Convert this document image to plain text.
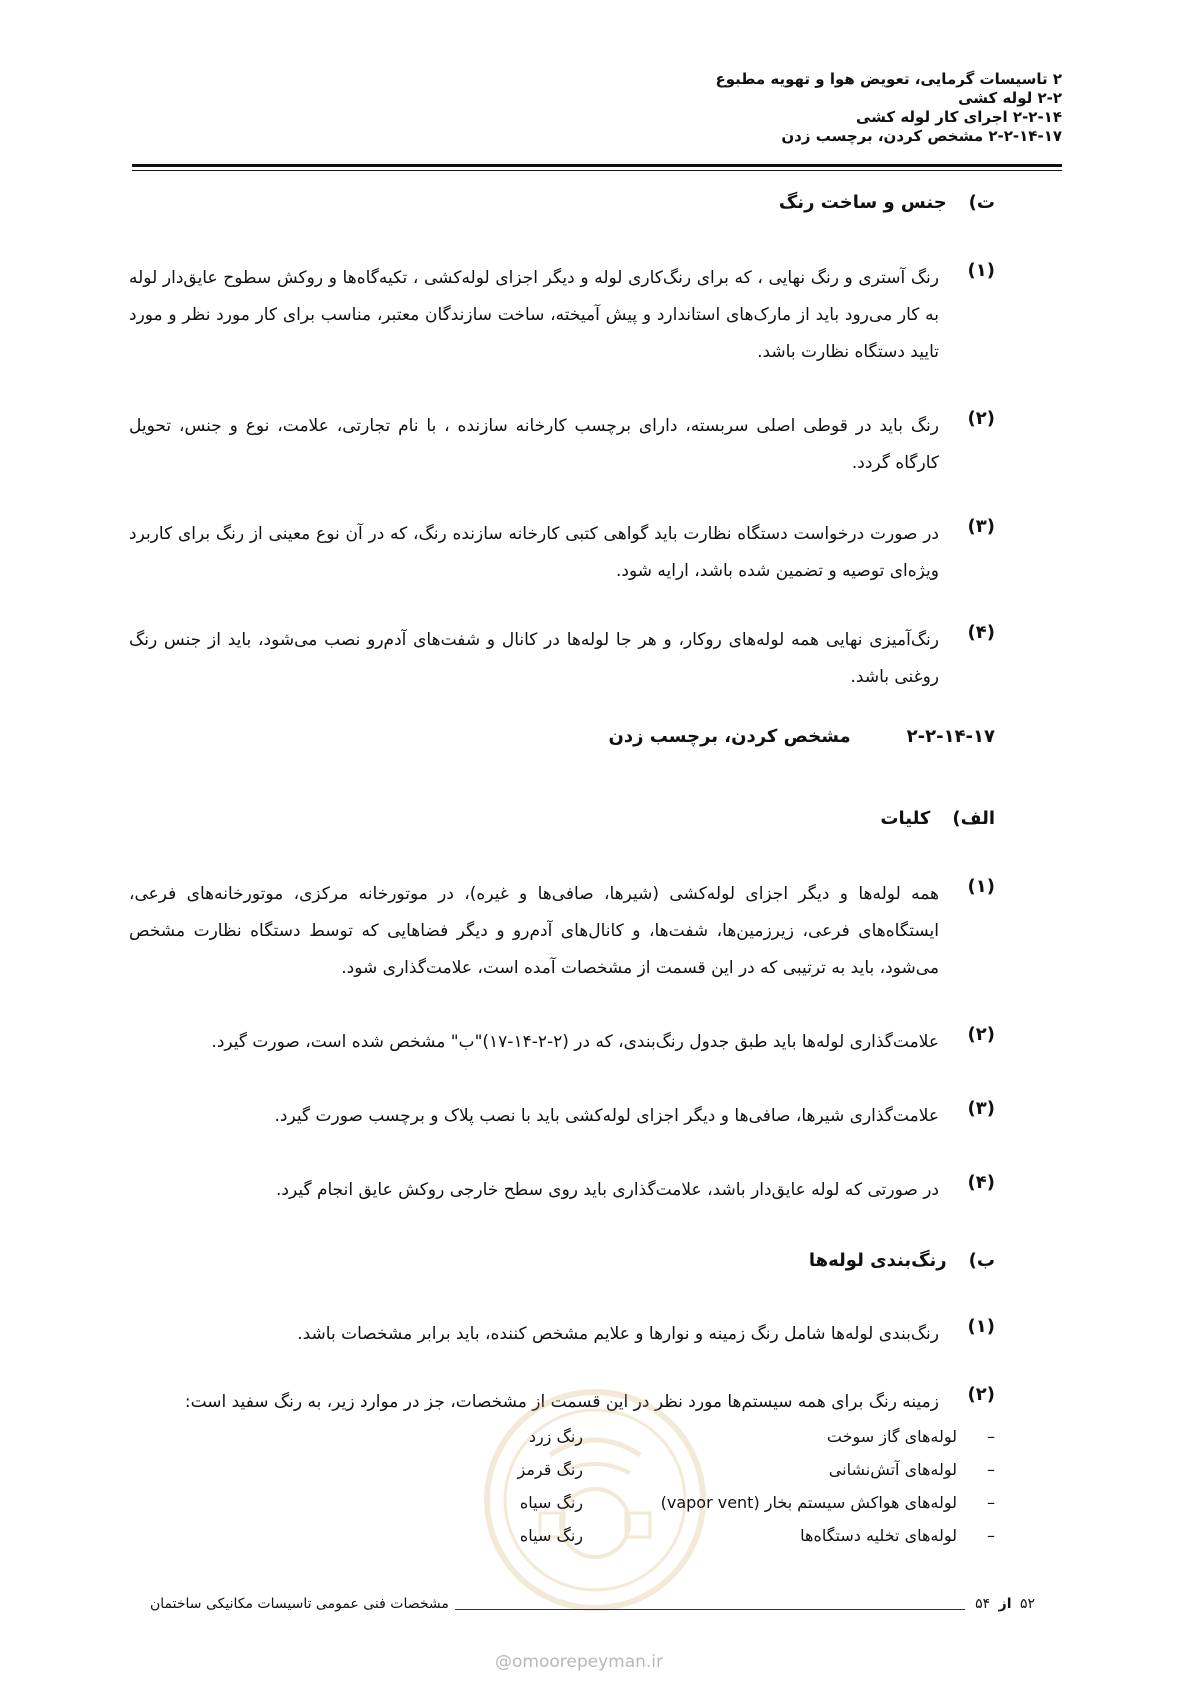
۲ تاسیسات گرمایی، تعویض هوا و تهویه مطبوع
۲-۲ لوله کشی
۲-۲-۱۴ اجرای کار لوله کشی
۲-۲-۱۴-۱۷ مشخص کردن، برچسب زدن
ت)جنس و ساخت رنگ
(۱)
رنگ آستری و رنگ نهایی ، که برای رنگ‌کاری لوله و دیگر اجزای لوله‌کشی ، تکیه‌گاه‌ها و روکش سطوح عایق‌دار لوله به کار می‌رود باید از مارک‌های استاندارد و پیش آمیخته، ساخت سازندگان معتبر، مناسب برای کار مورد نظر و مورد تایید دستگاه نظارت باشد.
(۲)
رنگ باید در قوطی اصلی سربسته، دارای برچسب کارخانه سازنده ، با نام تجارتی، علامت، نوع و جنس، تحویل کارگاه گردد.
(۳)
در صورت درخواست دستگاه نظارت باید گواهی کتبی کارخانه سازنده رنگ، که در آن نوع معینی از رنگ برای کاربرد ویژه‌ای توصیه و تضمین شده باشد، ارایه شود.
(۴)
رنگ‌آمیزی نهایی همه لوله‌های روکار، و هر جا لوله‌ها در کانال و شفت‌های آدم‌رو نصب می‌شود، باید از جنس رنگ روغنی باشد.
۲-۲-۱۴-۱۷مشخص کردن، برچسب زدن
الف)کلیات
(۱)
همه لوله‌ها و دیگر اجزای لوله‌کشی (شیرها، صافی‌ها و غیره)، در موتورخانه مرکزی، موتورخانه‌های فرعی، ایستگاه‌های فرعی، زیرزمین‌ها، شفت‌ها، و کانال‌های آدم‌رو و دیگر فضاهایی که توسط دستگاه نظارت مشخص می‌شود، باید به ترتیبی که در این قسمت از مشخصات آمده است، علامت‌گذاری شود.
(۲)
علامت‌گذاری لوله‌ها باید طبق جدول رنگ‌بندی، که در (۲-۲-۱۴-۱۷)"ب" مشخص شده است، صورت گیرد.
(۳)
علامت‌گذاری شیرها، صافی‌ها و دیگر اجزای لوله‌کشی باید با نصب پلاک و برچسب صورت گیرد.
(۴)
در صورتی که لوله عایق‌دار باشد، علامت‌گذاری باید روی سطح خارجی روکش عایق انجام گیرد.
ب)رنگ‌بندی لوله‌ها
(۱)
رنگ‌بندی لوله‌ها شامل رنگ زمینه و نوارها و علایم مشخص کننده، باید برابر مشخصات باشد.
(۲)
زمینه رنگ برای همه سیستم‌ها مورد نظر در این قسمت از مشخصات، جز در موارد زیر، به رنگ سفید است:
–
لوله‌های گاز سوخت
رنگ زرد
–
لوله‌های آتش‌نشانی
رنگ قرمز
–
لوله‌های هواکش سیستم بخار (vapor vent)
رنگ سیاه
–
لوله‌های تخلیه دستگاه‌ها
رنگ سیاه
مشخصات فنی عمومی تاسیسات مکانیکی ساختمان	۵۲ از ۵۴
@omoorepeyman.ir
